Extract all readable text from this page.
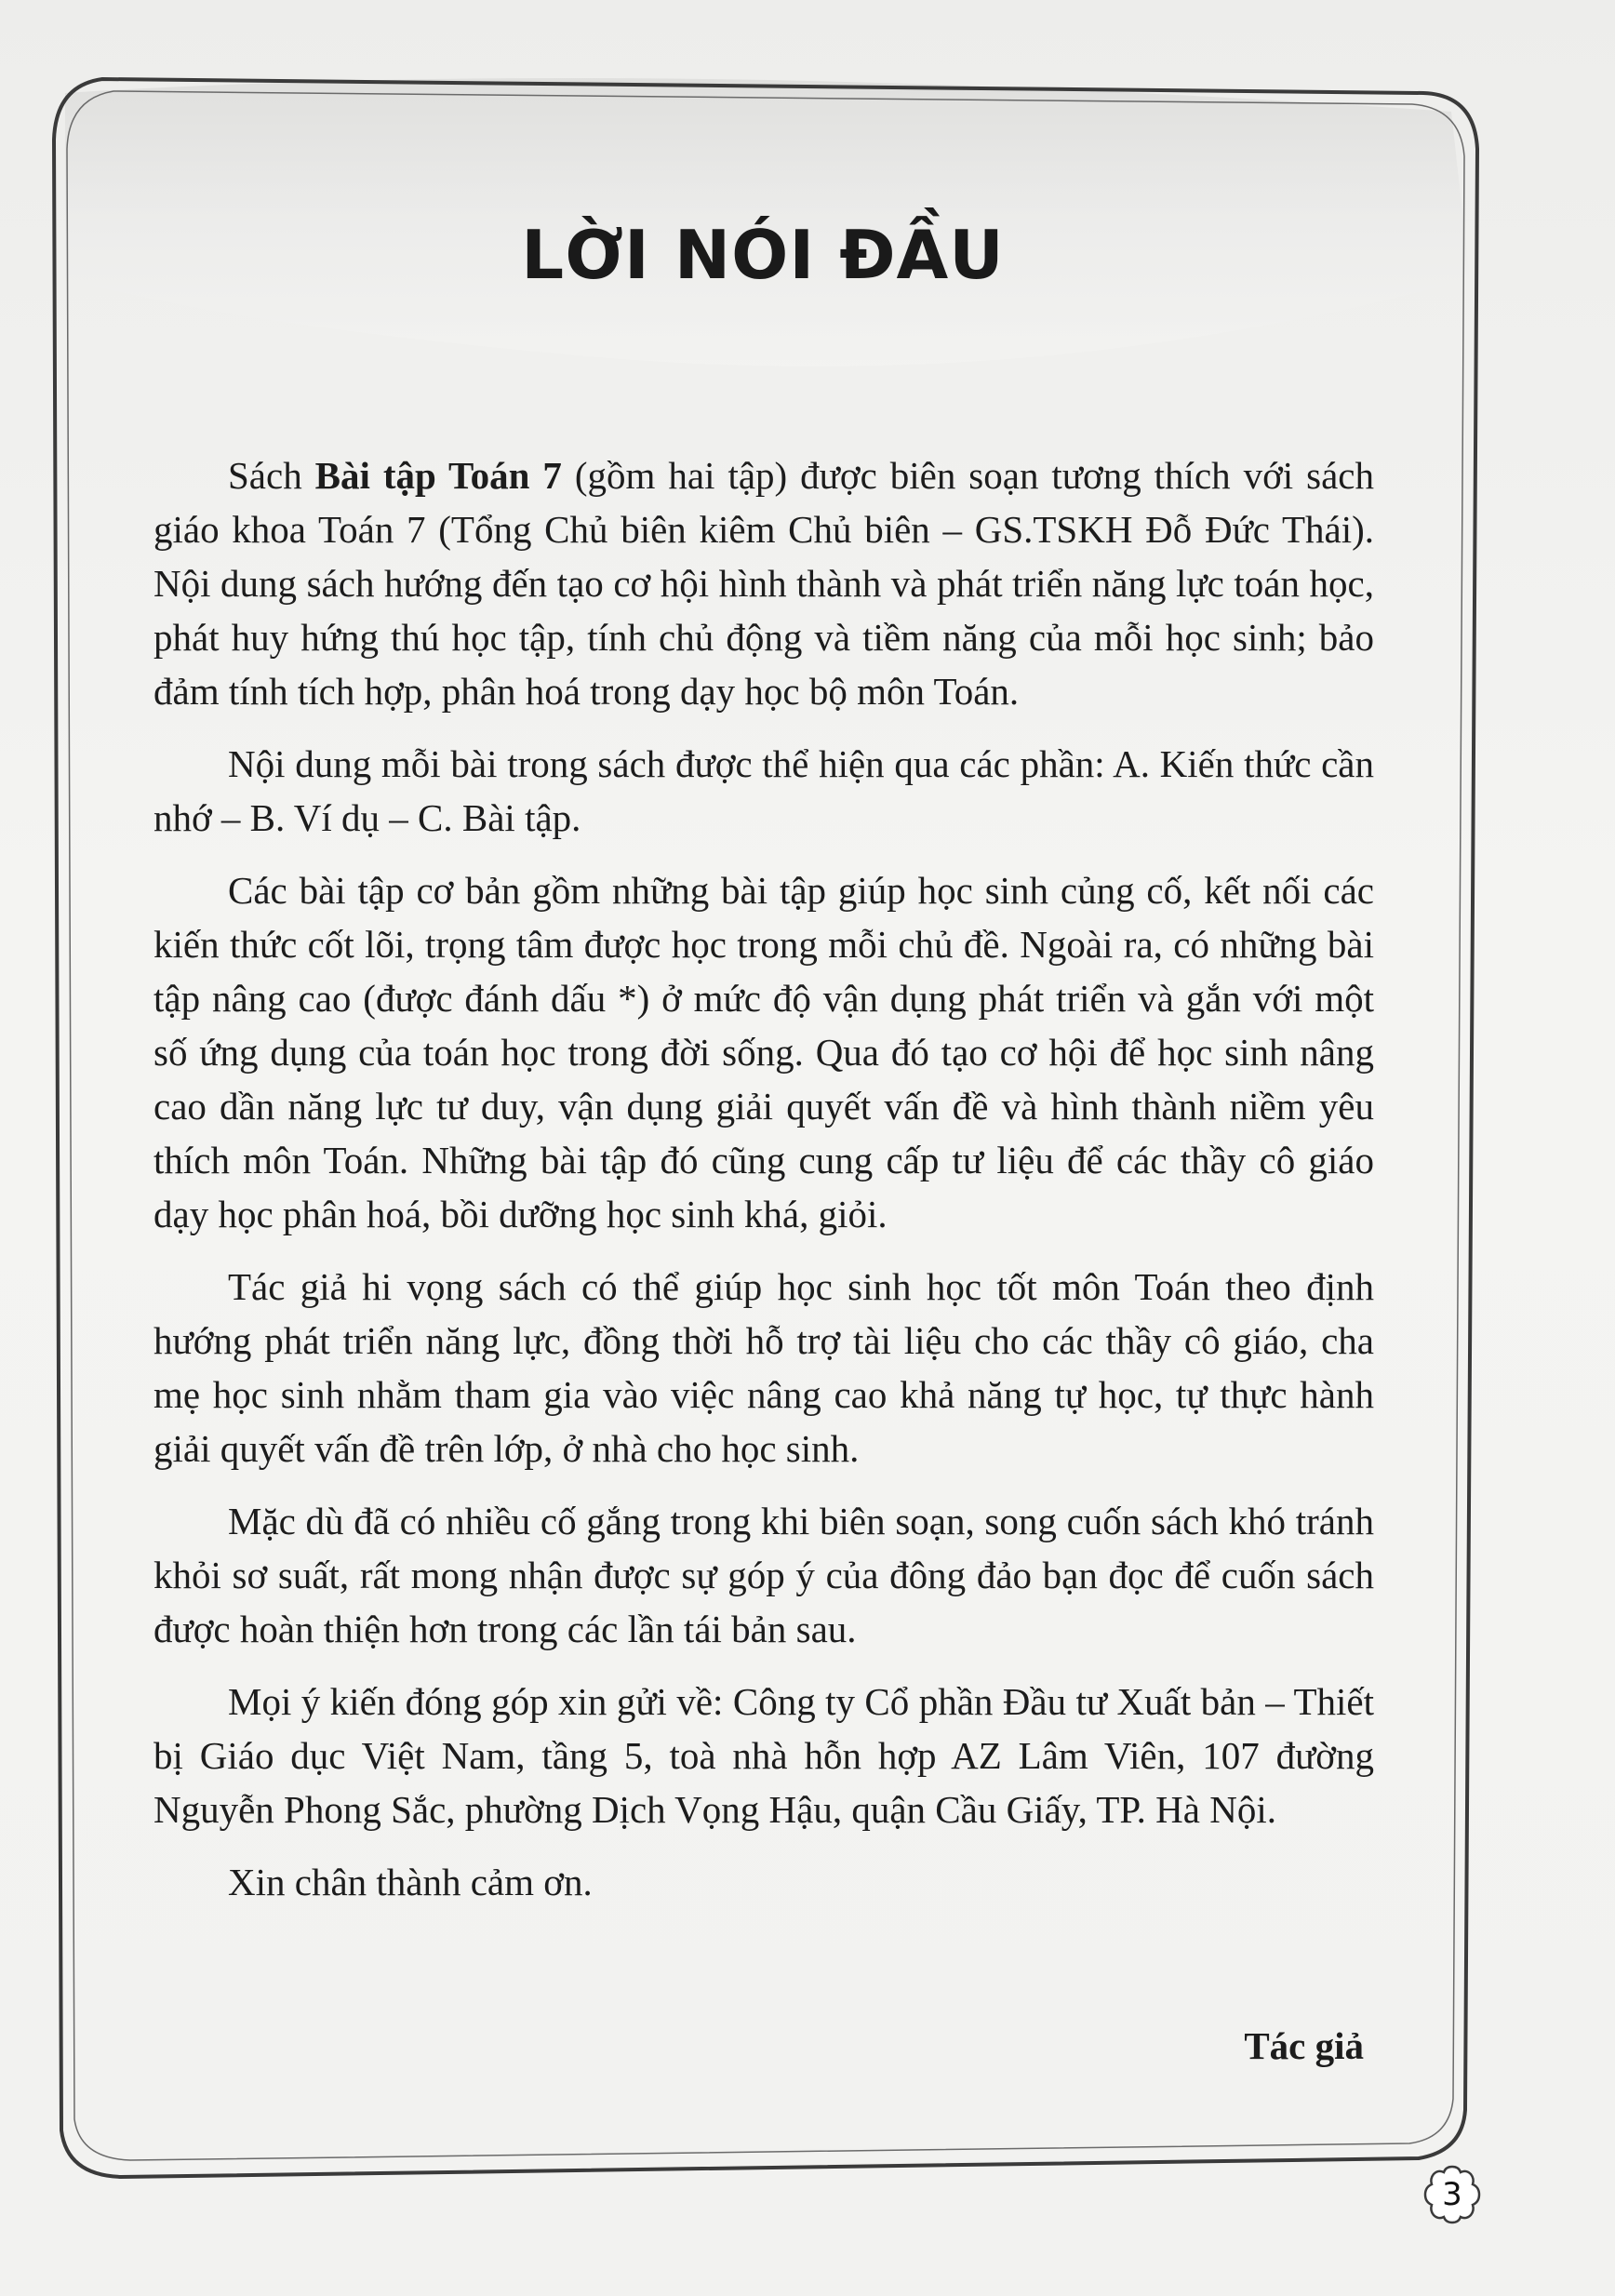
LỜI NÓI ĐẦU

Sách Bài tập Toán 7 (gồm hai tập) được biên soạn tương thích với sách giáo khoa Toán 7 (Tổng Chủ biên kiêm Chủ biên – GS.TSKH Đỗ Đức Thái). Nội dung sách hướng đến tạo cơ hội hình thành và phát triển năng lực toán học, phát huy hứng thú học tập, tính chủ động và tiềm năng của mỗi học sinh; bảo đảm tính tích hợp, phân hoá trong dạy học bộ môn Toán.

Nội dung mỗi bài trong sách được thể hiện qua các phần: A. Kiến thức cần nhớ – B. Ví dụ – C. Bài tập.

Các bài tập cơ bản gồm những bài tập giúp học sinh củng cố, kết nối các kiến thức cốt lõi, trọng tâm được học trong mỗi chủ đề. Ngoài ra, có những bài tập nâng cao (được đánh dấu *) ở mức độ vận dụng phát triển và gắn với một số ứng dụng của toán học trong đời sống. Qua đó tạo cơ hội để học sinh nâng cao dần năng lực tư duy, vận dụng giải quyết vấn đề và hình thành niềm yêu thích môn Toán. Những bài tập đó cũng cung cấp tư liệu để các thầy cô giáo dạy học phân hoá, bồi dưỡng học sinh khá, giỏi.

Tác giả hi vọng sách có thể giúp học sinh học tốt môn Toán theo định hướng phát triển năng lực, đồng thời hỗ trợ tài liệu cho các thầy cô giáo, cha mẹ học sinh nhằm tham gia vào việc nâng cao khả năng tự học, tự thực hành giải quyết vấn đề trên lớp, ở nhà cho học sinh.

Mặc dù đã có nhiều cố gắng trong khi biên soạn, song cuốn sách khó tránh khỏi sơ suất, rất mong nhận được sự góp ý của đông đảo bạn đọc để cuốn sách được hoàn thiện hơn trong các lần tái bản sau.

Mọi ý kiến đóng góp xin gửi về: Công ty Cổ phần Đầu tư Xuất bản – Thiết bị Giáo dục Việt Nam, tầng 5, toà nhà hỗn hợp AZ Lâm Viên, 107 đường Nguyễn Phong Sắc, phường Dịch Vọng Hậu, quận Cầu Giấy, TP. Hà Nội.

Xin chân thành cảm ơn.

Tác giả

3
